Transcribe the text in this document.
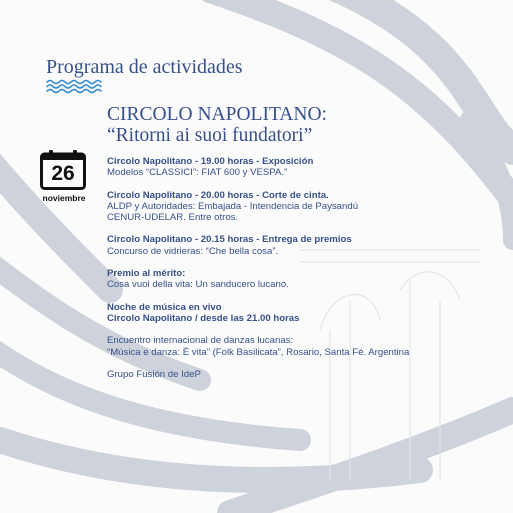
Programa de actividades
CIRCOLO NAPOLITANO:
“Ritorni ai suoi fundatori”
26
noviembre
Circolo Napolitano - 19.00 horas - Exposición
Modelos “CLASSICI”: FIAT 600 y VESPA.”
Circolo Napolitano - 20.00 horas - Corte de cinta.
ALDP y Autoridades: Embajada - Intendencia de Paysandú
CENUR-UDELAR. Entre otros.
Circolo Napolitano - 20.15 horas - Entrega de premios
Concurso de vidrieras: “Che bella cosa”.
Premio al mérito:
Cosa vuoi della vita: Un sanducero lucano.
Noche de música en vivo
Circolo Napolitano / desde las 21.00 horas
Encuentro internacional de danzas lucanas:
“Música e danza: È vita” (Folk Basilicata”, Rosario, Santa Fé. Argentina
Grupo Fusión de IdeP
